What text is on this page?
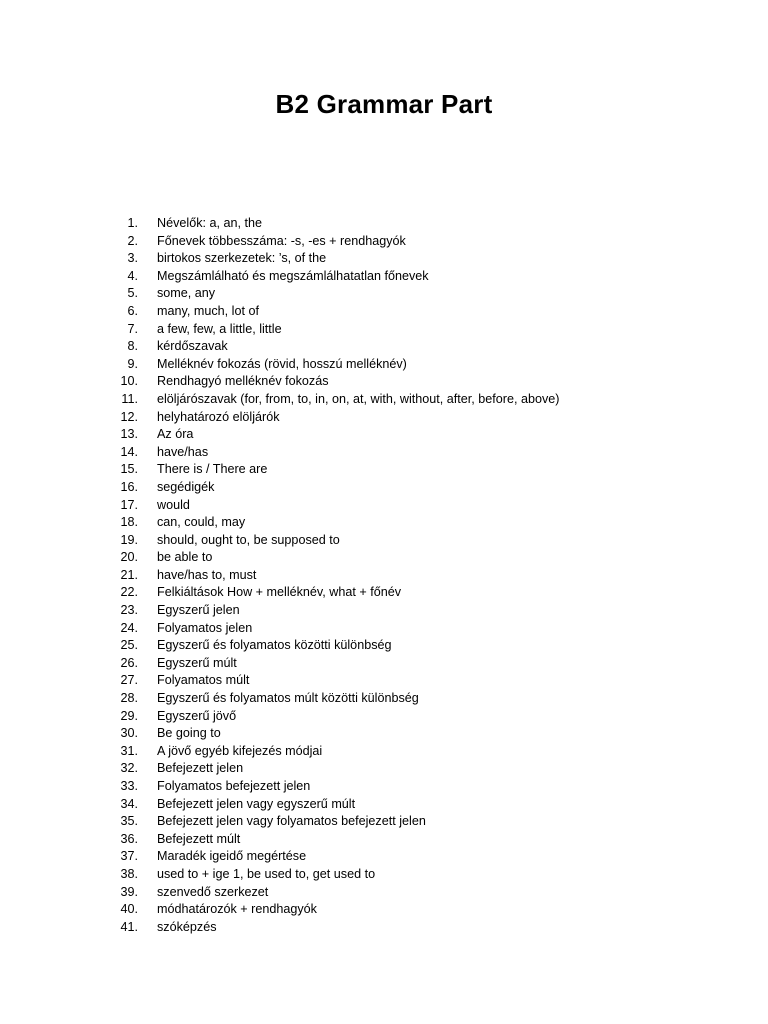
B2 Grammar Part
1. Névelők: a, an, the
2. Főnevek többesszáma: -s, -es + rendhagyók
3. birtokos szerkezetek: ’s, of the
4. Megszámlálható és megszámlálhatatlan főnevek
5. some, any
6. many, much, lot of
7. a few, few, a little, little
8. kérdőszavak
9. Melléknév fokozás (rövid, hosszú melléknév)
10. Rendhagyó melléknév fokozás
11. elöljárószavak (for, from, to, in, on, at, with, without, after, before, above)
12. helyhatározó elöljárók
13. Az óra
14. have/has
15. There is / There are
16. segédigék
17. would
18. can, could, may
19. should, ought to, be supposed to
20. be able to
21. have/has to, must
22. Felkiáltások How + melléknév, what + főnév
23. Egyszerű jelen
24. Folyamatos jelen
25. Egyszerű és folyamatos közötti különbség
26. Egyszerű múlt
27. Folyamatos múlt
28. Egyszerű és folyamatos múlt közötti különbség
29. Egyszerű jövő
30. Be going to
31. A jövő egyéb kifejezés módjai
32. Befejezett jelen
33. Folyamatos befejezett jelen
34. Befejezett jelen vagy egyszerű múlt
35. Befejezett jelen vagy folyamatos befejezett jelen
36. Befejezett múlt
37. Maradék igeidő megértése
38. used to + ige 1, be used to, get used to
39. szenvedő szerkezet
40. módhatározók + rendhagyók
41. szóképzés
